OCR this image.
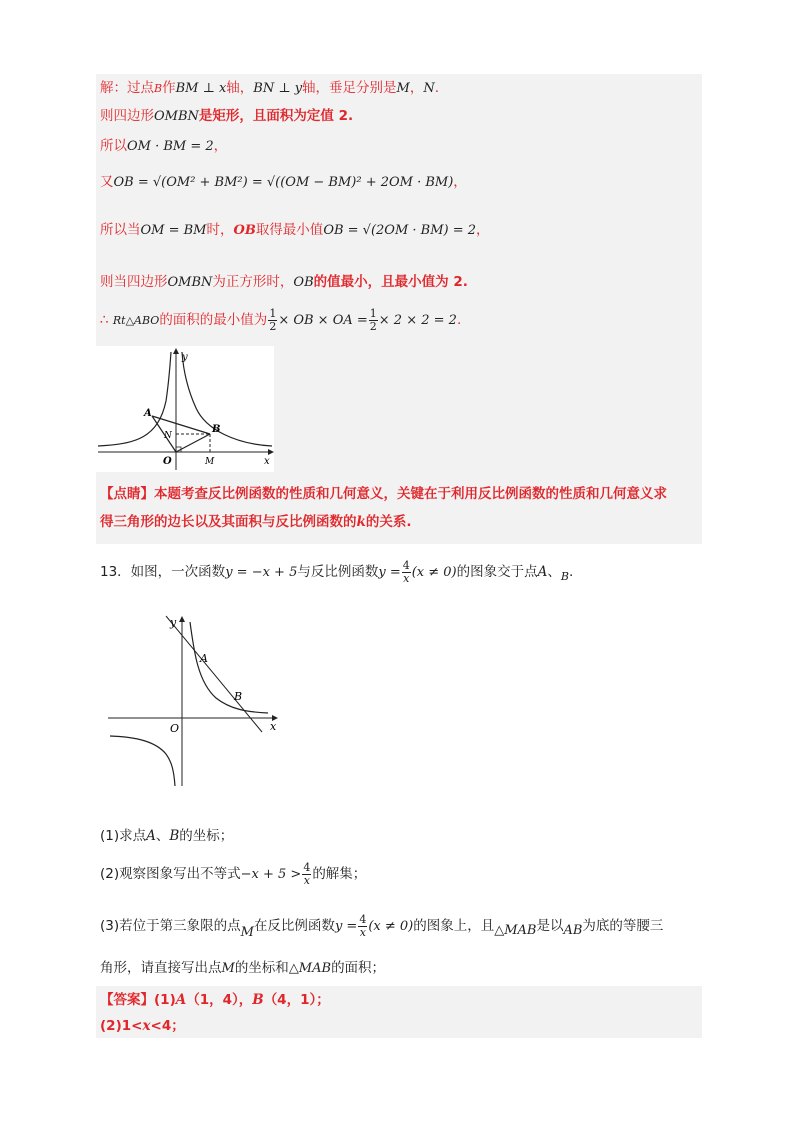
解：过点B作BM ⊥ x轴，BN ⊥ y轴，垂足分别是M，N.
则四边形OMBN是矩形，且面积为定值 2.
所以OM · BM = 2，
又OB = √(OM² + BM²) = √((OM − BM)² + 2OM · BM)，
所以当OM = BM时，OB取得最小值OB = √(2OM · BM) = 2，
则当四边形OMBN为正方形时，OB的值最小，且最小值为 2.
∴ Rt△ABO的面积的最小值为 $\frac{1}{2}$ × OB × OA = $\frac{1}{2} \times 2 \times 2 = 2$.
y
x
A
B
N
O	M
【点睛】本题考查反比例函数的性质和几何意义，关键在于利用反比例函数的性质和几何意义求
得三角形的边长以及其面积与反比例函数的k的关系.
13．如图，一次函数y = −x + 5与反比例函数$y = \frac{4}{x} (x \ne 0)$的图象交于点A、$_B$.
y
x
A
B
O
(1)求点A、B的坐标；
(2)观察图象写出不等式$-x + 5 > \frac{4}{x}$ 的解集；
(3)若位于第三象限的点M在反比例函数$y = \frac{4}{x} (x \ne 0)$的图象上，且△MAB是以AB为底的等腰三
角形，请直接写出点M的坐标和△MAB的面积；
【答案】(1)A（1，4），B（4，1）；
(2)1<x<4；
